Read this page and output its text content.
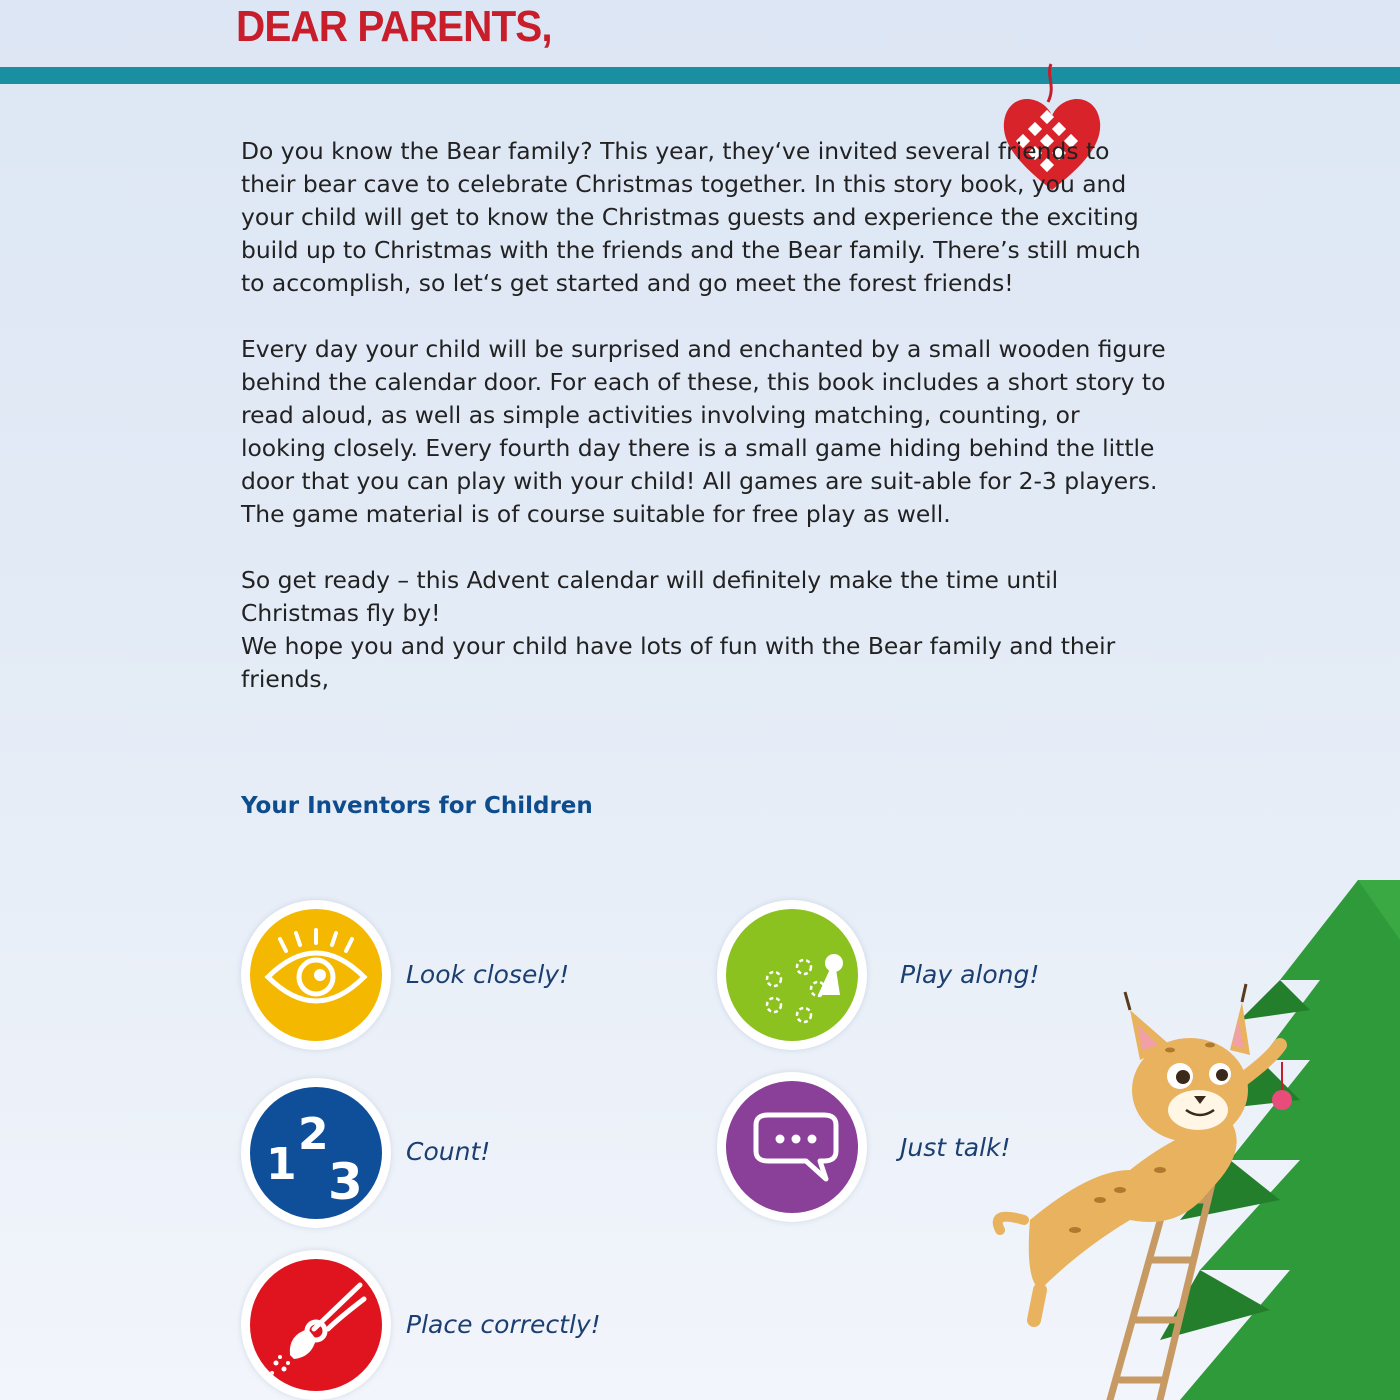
DEAR PARENTS,

Do you know the Bear family? This year, they‘ve invited several friends to their bear cave to celebrate Christmas together. In this story book, you and your child will get to know the Christmas guests and experience the exciting build up to Christmas with the friends and the Bear family. There’s still much to accomplish, so let‘s get started and go meet the forest friends!

Every day your child will be surprised and enchanted by a small wooden figure behind the calendar door. For each of these, this book includes a short story to read aloud, as well as simple activities involving matching, counting, or looking closely. Every fourth day there is a small game hiding behind the little door that you can play with your child! All games are suit-able for 2-3 players. The game material is of course suitable for free play as well.

So get ready – this Advent calendar will definitely make the time until Christmas fly by!

We hope you and your child have lots of fun with the Bear family and their friends,

Your Inventors for Children
Look closely!	Play along!
1
2
3
Count!	Just talk!
Place correctly!
